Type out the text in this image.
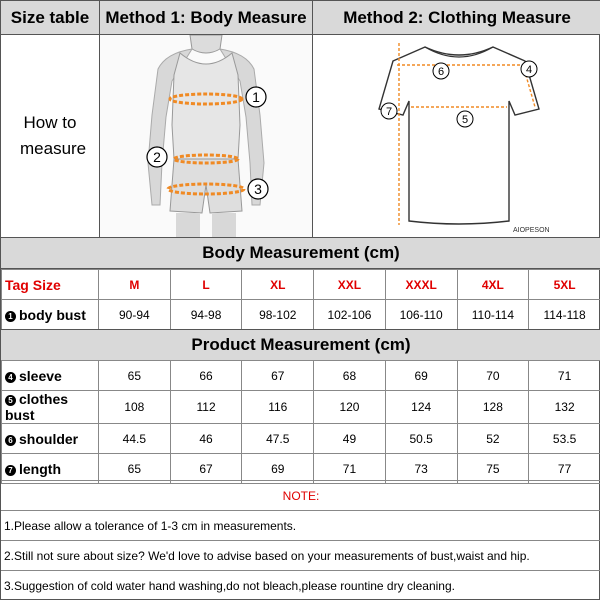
Size table Method 1: Body Measure	Method 2: Clothing Measure
How to measure
1
2
3
6	4
5
7
AIOPESON
Body Measurement (cm)
Tag Size	M	L	XL	XXL	XXXL	4XL	5XL
1 body bust	90-94	94-98	98-102	102-106	106-110	110-114	114-118
Product Measurement (cm)
4 sleeve	65	66	67	68	69	70	71
5 clothes bust	108	112	116	120	124	128	132
6 shoulder	44.5	46	47.5	49	50.5	52	53.5
7 length	65	67	69	71	73	75	77
NOTE:
1.Please allow a tolerance of 1-3 cm in measurements.
2.Still not sure about size? We'd love to advise based on your measurements of bust,waist and hip.
3.Suggestion of cold water hand washing,do not bleach,please rountine dry cleaning.
